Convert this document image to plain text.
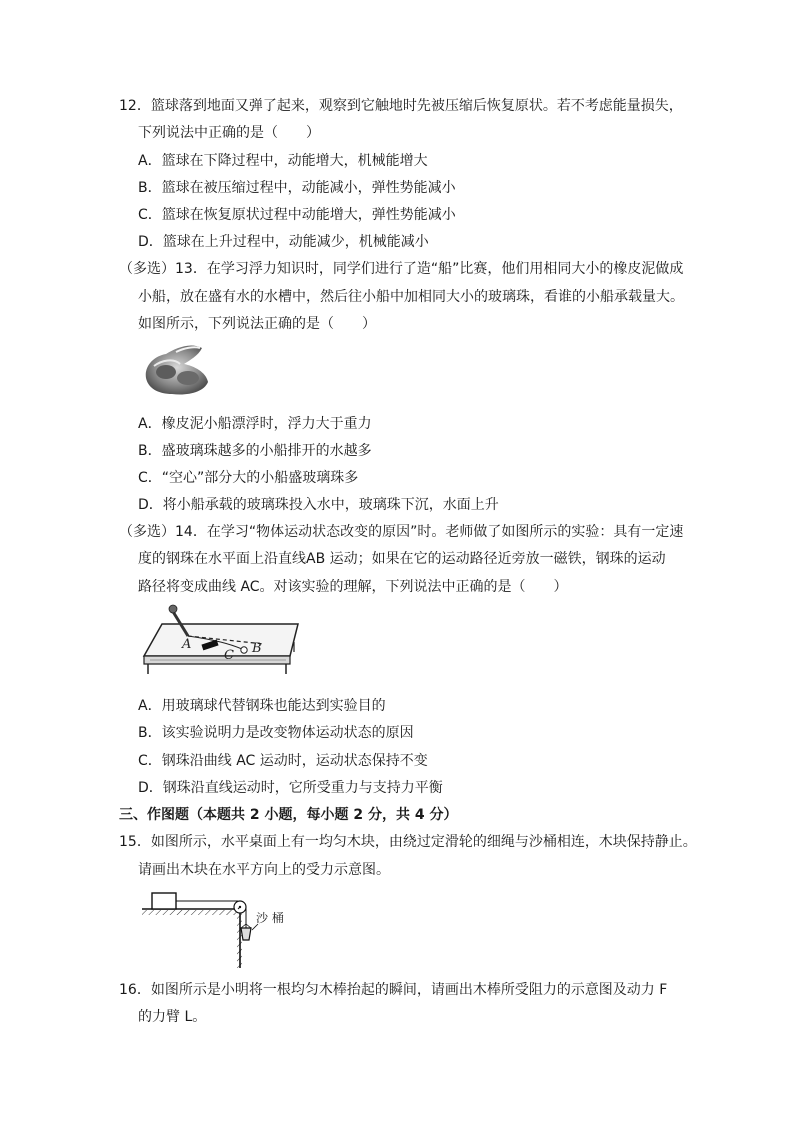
12．篮球落到地面又弹了起来，观察到它触地时先被压缩后恢复原状。若不考虑能量损失，
下列说法中正确的是（　　）
A．篮球在下降过程中，动能增大，机械能增大
B．篮球在被压缩过程中，动能减小，弹性势能减小
C．篮球在恢复原状过程中动能增大，弹性势能减小
D．篮球在上升过程中，动能减少，机械能减小
（多选）13．在学习浮力知识时，同学们进行了造“船”比赛，他们用相同大小的橡皮泥做成
小船，放在盛有水的水槽中，然后往小船中加相同大小的玻璃珠，看谁的小船承载量大。
如图所示，下列说法正确的是（　　）
A．橡皮泥小船漂浮时，浮力大于重力
B．盛玻璃珠越多的小船排开的水越多
C．“空心”部分大的小船盛玻璃珠多
D．将小船承载的玻璃珠投入水中，玻璃珠下沉，水面上升
（多选）14．在学习“物体运动状态改变的原因”时。老师做了如图所示的实验：具有一定速
度的钢珠在水平面上沿直线AB 运动；如果在它的运动路径近旁放一磁铁，钢珠的运动
路径将变成曲线 AC。对该实验的理解，下列说法中正确的是（　　）
A	B
C
A．用玻璃球代替钢珠也能达到实验目的
B．该实验说明力是改变物体运动状态的原因
C．钢珠沿曲线 AC 运动时，运动状态保持不变
D．钢珠沿直线运动时，它所受重力与支持力平衡
三、作图题（本题共 2 小题，每小题 2 分，共 4 分）
15．如图所示，水平桌面上有一均匀木块，由绕过定滑轮的细绳与沙桶相连，木块保持静止。
请画出木块在水平方向上的受力示意图。
沙 桶
16．如图所示是小明将一根均匀木棒抬起的瞬间，请画出木棒所受阻力的示意图及动力 F
的力臂 L。
